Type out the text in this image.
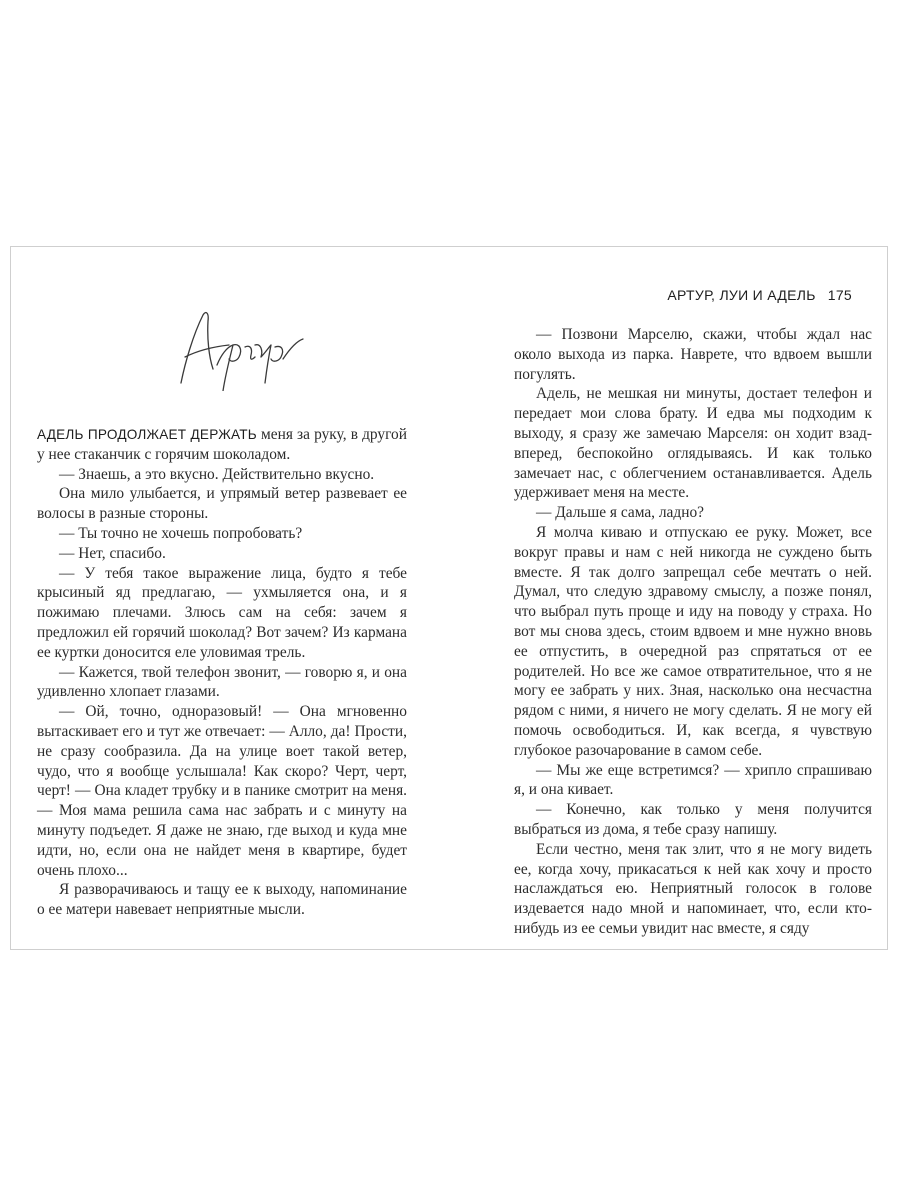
АДЕЛЬ ПРОДОЛЖАЕТ ДЕРЖАТЬ меня за руку, в другой у нее стаканчик с горячим шоколадом.

— Знаешь, а это вкусно. Действительно вкусно.

Она мило улыбается, и упрямый ветер развевает ее волосы в разные стороны.

— Ты точно не хочешь попробовать?

— Нет, спасибо.

— У тебя такое выражение лица, будто я тебе крысиный яд предлагаю, — ухмыляется она, и я пожимаю плечами. Злюсь сам на себя: зачем я предложил ей горячий шоколад? Вот зачем? Из кармана ее куртки доносится еле уловимая трель.

— Кажется, твой телефон звонит, — говорю я, и она удивленно хлопает глазами.

— Ой, точно, одноразовый! — Она мгновенно вытаскивает его и тут же отвечает: — Алло, да! Прости, не сразу сообразила. Да на улице воет такой ветер, чудо, что я вообще услышала! Как скоро? Черт, черт, черт! — Она кладет трубку и в панике смотрит на меня. — Моя мама решила сама нас забрать и с минуту на минуту подъедет. Я даже не знаю, где выход и куда мне идти, но, если она не найдет меня в квартире, будет очень плохо...

Я разворачиваюсь и тащу ее к выходу, напоминание о ее матери навевает неприятные мысли.

АРТУР, ЛУИ И АДЕЛЬ 175

— Позвони Марселю, скажи, чтобы ждал нас около выхода из парка. Наврете, что вдвоем вышли погулять.

Адель, не мешкая ни минуты, достает телефон и передает мои слова брату. И едва мы подходим к выходу, я сразу же замечаю Марселя: он ходит взад-вперед, беспокойно оглядываясь. И как только замечает нас, с облегчением останавливается. Адель удерживает меня на месте.

— Дальше я сама, ладно?

Я молча киваю и отпускаю ее руку. Может, все вокруг правы и нам с ней никогда не суждено быть вместе. Я так долго запрещал себе мечтать о ней. Думал, что следую здравому смыслу, а позже понял, что выбрал путь проще и иду на поводу у страха. Но вот мы снова здесь, стоим вдвоем и мне нужно вновь ее отпустить, в очередной раз спрятаться от ее родителей. Но все же самое отвратительное, что я не могу ее забрать у них. Зная, насколько она несчастна рядом с ними, я ничего не могу сделать. Я не могу ей помочь освободиться. И, как всегда, я чувствую глубокое разочарование в самом себе.

— Мы же еще встретимся? — хрипло спрашиваю я, и она кивает.

— Конечно, как только у меня получится выбраться из дома, я тебе сразу напишу.

Если честно, меня так злит, что я не могу видеть ее, когда хочу, прикасаться к ней как хочу и просто наслаждаться ею. Неприятный голосок в голове издевается надо мной и напоминает, что, если кто-нибудь из ее семьи увидит нас вместе, я сяду
